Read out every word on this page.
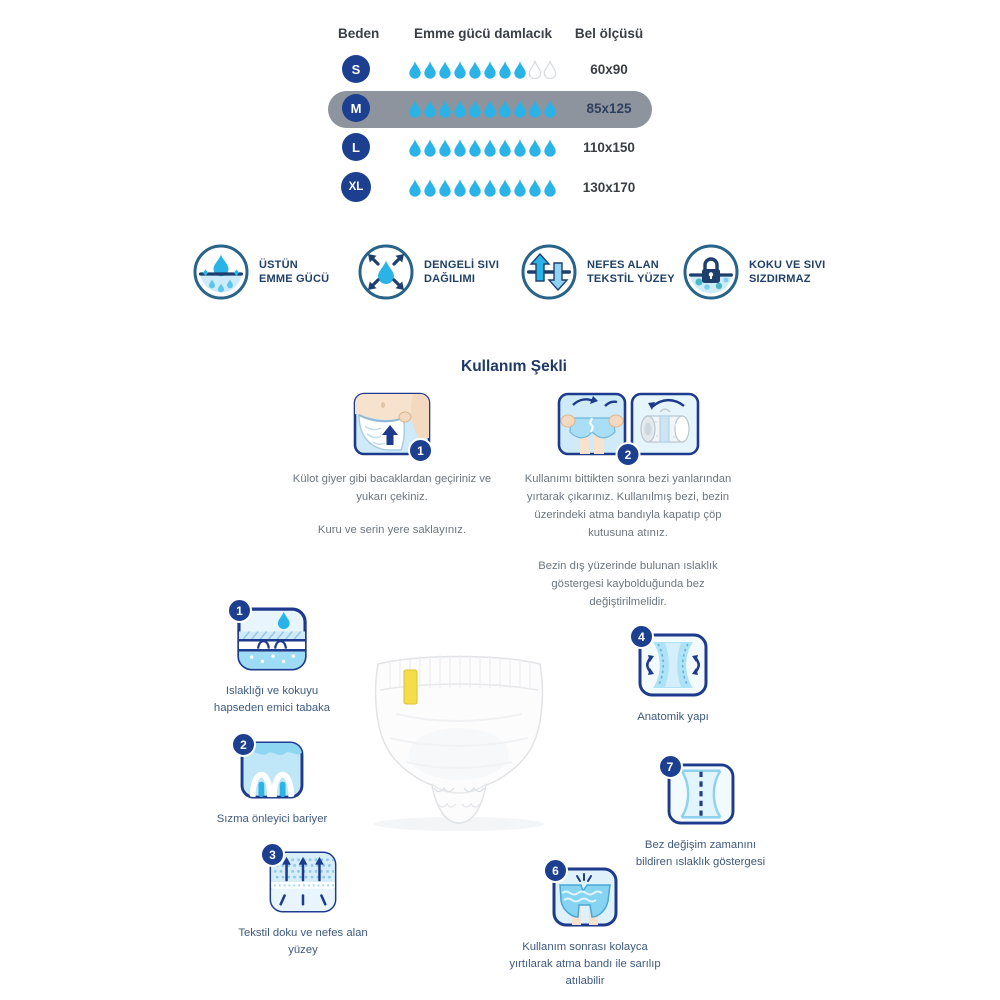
Beden	Emme gücü damlacık	Bel ölçüsü
S	60x90
M	85x125
L	110x150
XL	130x170
ÜSTÜN
EMME GÜCÜ
DENGELİ SIVI
DAĞILIMI
NEFES ALAN
TEKSTİL YÜZEY
KOKU VE SIVI
SIZDIRMAZ
Kullanım Şekli
1

Külot giyer gibi bacaklardan geçiriniz ve yukarı çekiniz.

Kuru ve serin yere saklayınız.

2

Kullanımı bittikten sonra bezi yanlarından yırtarak çıkarınız. Kullanılmış bezi, bezin üzerindeki atma bandıyla kapatıp çöp kutusuna atınız.

Bezin dış yüzerinde bulunan ıslaklık göstergesi kaybolduğunda bez değiştirilmelidir.

1
Islaklığı ve kokuyu hapseden emici tabaka
2
Sızma önleyici bariyer
3
Tekstil doku ve nefes alan yüzey
4
Anatomik yapı
7
Bez değişim zamanını bildiren ıslaklık göstergesi
6
Kullanım sonrası kolayca yırtılarak atma bandı ile sarılıp atılabilir
